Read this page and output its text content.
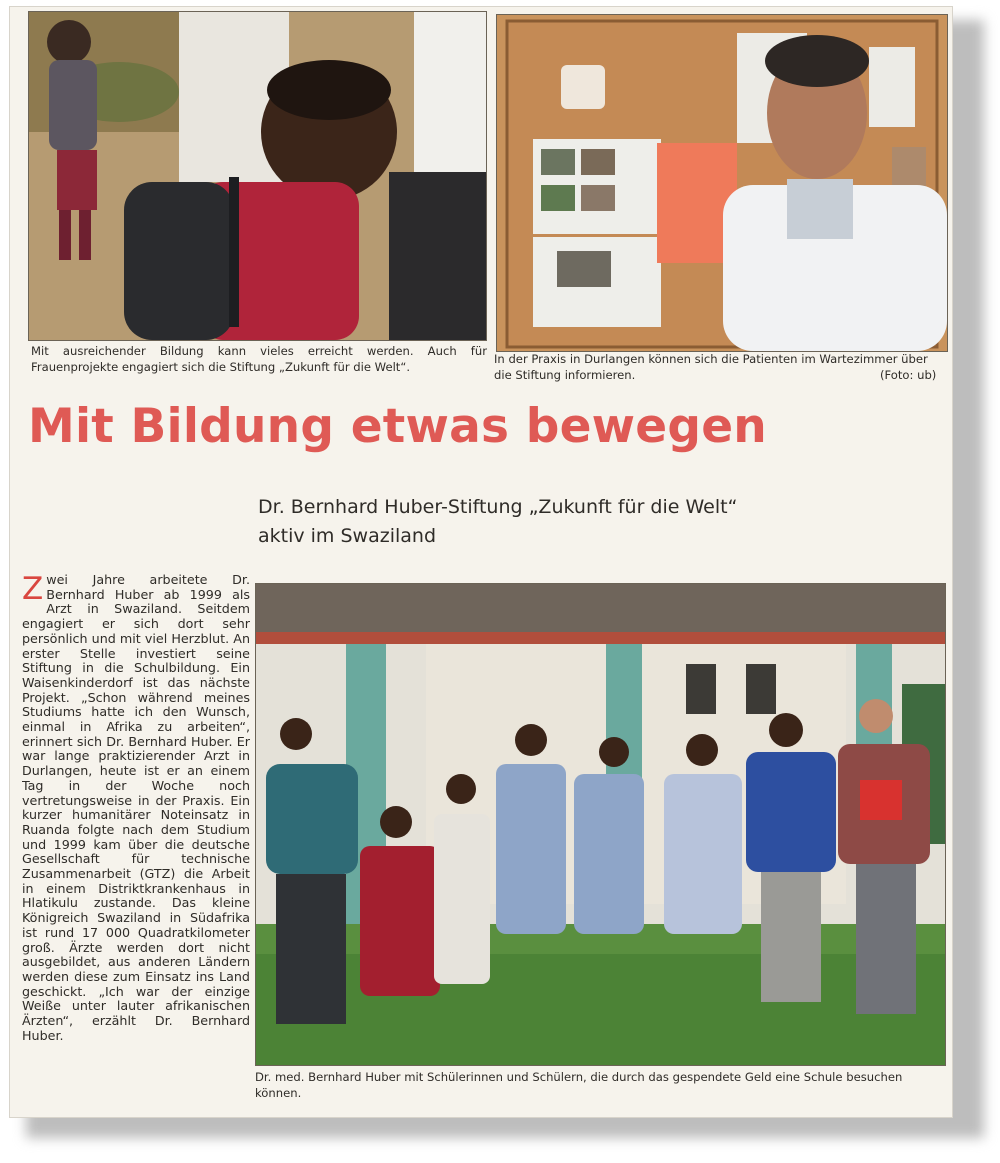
Mit ausreichender Bildung kann vieles erreicht werden. Auch für Frauenprojekte engagiert sich die Stiftung „Zukunft für die Welt“.
In der Praxis in Durlangen können sich die Patienten im Wartezimmer über die Stiftung informieren.	(Foto: ub)
Mit Bildung etwas bewegen
Dr. Bernhard Huber-Stiftung „Zukunft für die Welt“ aktiv im Swaziland

Zwei Jahre arbeitete Dr. Bernhard Huber ab 1999 als Arzt in Swaziland. Seitdem engagiert er sich dort sehr persönlich und mit viel Herzblut. An erster Stelle investiert seine Stiftung in die Schulbildung. Ein Waisenkinderdorf ist das nächste Projekt. „Schon während meines Studiums hatte ich den Wunsch, einmal in Afrika zu arbeiten“, erinnert sich Dr. Bernhard Huber. Er war lange praktizierender Arzt in Durlangen, heute ist er an einem Tag in der Woche noch vertretungsweise in der Praxis. Ein kurzer humanitärer Noteinsatz in Ruanda folgte nach dem Studium und 1999 kam über die deutsche Gesellschaft für technische Zusammenarbeit (GTZ) die Arbeit in einem Distriktkrankenhaus in Hlatikulu zustande. Das kleine Königreich Swaziland in Südafrika ist rund 17 000 Quadratkilometer groß. Ärzte werden dort nicht ausgebildet, aus anderen Ländern werden diese zum Einsatz ins Land geschickt. „Ich war der einzige Weiße unter lauter afrikanischen Ärzten“, erzählt Dr. Bernhard Huber.

Dr. med. Bernhard Huber mit Schülerinnen und Schülern, die durch das gespendete Geld eine Schule besuchen können.
